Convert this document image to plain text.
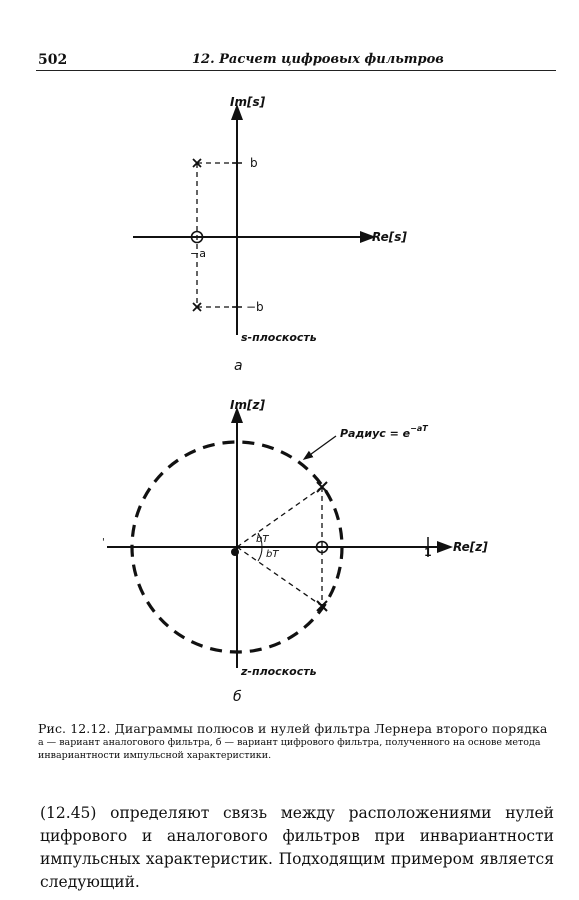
502	12. Расчет цифровых фильтров
Im[s]
Re[s]
b
−b
−a
s-плоскость
a
Im[z]
Re[z]
'
Радиус = $e^{-aT}$
bT
bT	1
z-плоскость
б
Рис. 12.12. Диаграммы полюсов и нулей фильтра Лернера второго порядка
а — вариант аналогового фильтра, б — вариант цифрового фильтра, полученного на основе метода инвариантности импульсной характеристики.
(12.45) определяют связь между расположениями нулей цифрового и аналогового фильтров при инвариантности импульсных характеристик. Подходящим примером является следующий.
